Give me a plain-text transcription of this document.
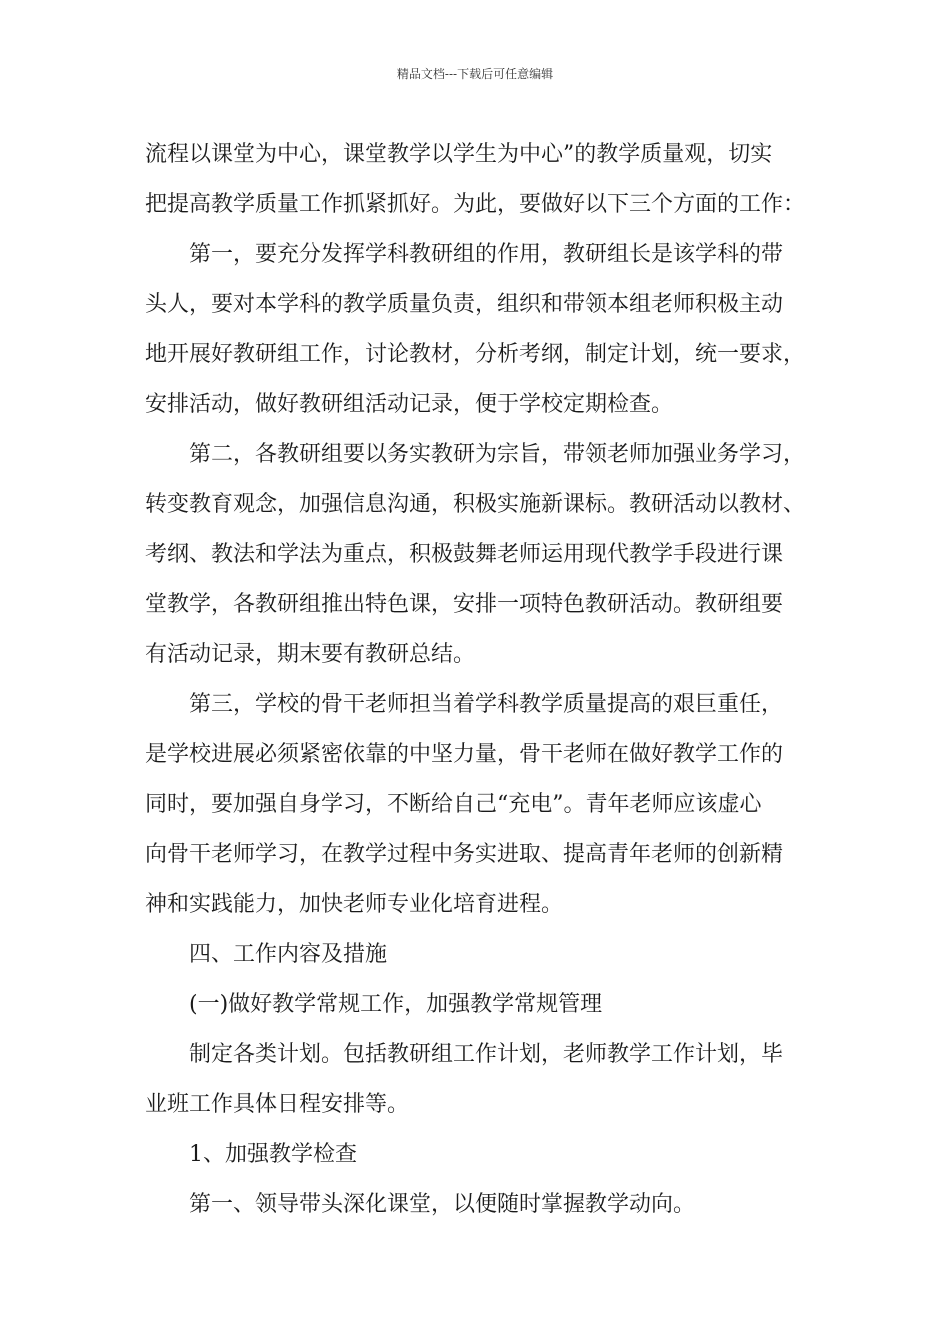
精品文档---下载后可任意编辑
流程以课堂为中心，课堂教学以学生为中心”的教学质量观，切实
把提高教学质量工作抓紧抓好。为此，要做好以下三个方面的工作：
第一，要充分发挥学科教研组的作用，教研组长是该学科的带
头人，要对本学科的教学质量负责，组织和带领本组老师积极主动
地开展好教研组工作，讨论教材，分析考纲，制定计划，统一要求，
安排活动，做好教研组活动记录，便于学校定期检查。
第二，各教研组要以务实教研为宗旨，带领老师加强业务学习，
转变教育观念，加强信息沟通，积极实施新课标。教研活动以教材、
考纲、教法和学法为重点，积极鼓舞老师运用现代教学手段进行课
堂教学，各教研组推出特色课，安排一项特色教研活动。教研组要
有活动记录，期末要有教研总结。
第三，学校的骨干老师担当着学科教学质量提高的艰巨重任，
是学校进展必须紧密依靠的中坚力量，骨干老师在做好教学工作的
同时，要加强自身学习，不断给自己“充电”。青年老师应该虚心
向骨干老师学习，在教学过程中务实进取、提高青年老师的创新精
神和实践能力，加快老师专业化培育进程。
四、工作内容及措施
(一)做好教学常规工作，加强教学常规管理
制定各类计划。包括教研组工作计划，老师教学工作计划，毕
业班工作具体日程安排等。
1、加强教学检查
第一、领导带头深化课堂，以便随时掌握教学动向。
